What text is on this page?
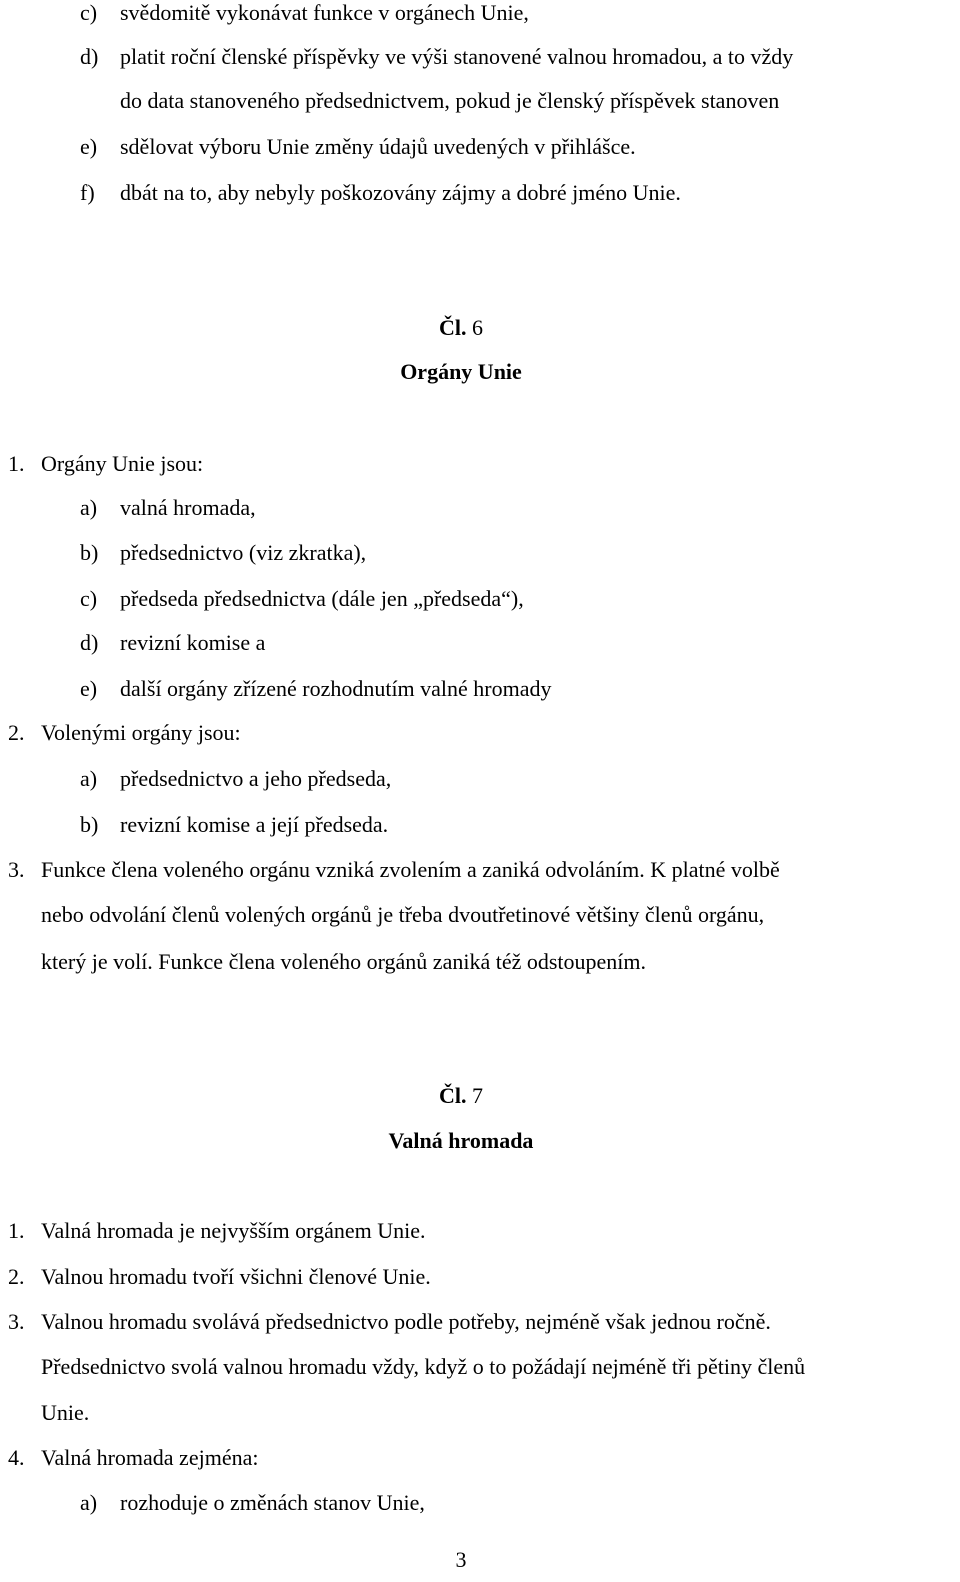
c) svědomitě vykonávat funkce v orgánech Unie,
d) platit roční členské příspěvky ve výši stanovené valnou hromadou, a to vždy
do data stanoveného předsednictvem, pokud je členský příspěvek stanoven
e) sdělovat výboru Unie změny údajů uvedených v přihlášce.
f) dbát na to, aby nebyly poškozovány zájmy a dobré jméno Unie.
Čl. 6
Orgány Unie
1. Orgány Unie jsou:
a) valná hromada,
b) předsednictvo (viz zkratka),
c) předseda předsednictva (dále jen „předseda“),
d) revizní komise a
e) další orgány zřízené rozhodnutím valné hromady
2. Volenými orgány jsou:
a) předsednictvo a jeho předseda,
b) revizní komise a její předseda.
3. Funkce člena voleného orgánu vzniká zvolením a zaniká odvoláním. K platné volbě
nebo odvolání členů volených orgánů je třeba dvoutřetinové většiny členů orgánu,
který je volí. Funkce člena voleného orgánů zaniká též odstoupením.
Čl. 7
Valná hromada
1. Valná hromada je nejvyšším orgánem Unie.
2. Valnou hromadu tvoří všichni členové Unie.
3. Valnou hromadu svolává předsednictvo podle potřeby, nejméně však jednou ročně.
Předsednictvo svolá valnou hromadu vždy, když o to požádají nejméně tři pětiny členů
Unie.
4. Valná hromada zejména:
a) rozhoduje o změnách stanov Unie,
3
